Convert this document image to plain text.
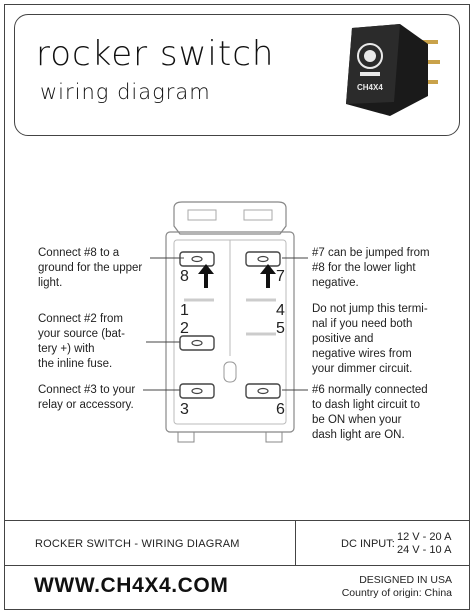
rocker switch
wiring diagram	CH4X4
8	7
1	4
2	5
3	6
Connect #8 to a
ground for the upper
light.
Connect #2 from
your source (bat-
tery +) with
the inline fuse.
Connect #3 to your
relay or accessory.
#7 can be jumped from
#8 for the lower light
negative.
Do not jump this termi-
nal if you need both
positive and
negative wires from
your dimmer circuit.
#6 normally connected
to dash light circuit to
be ON when your
dash light are ON.
ROCKER SWITCH - WIRING DIAGRAM	DC INPUT:
12 V - 20 A
24 V - 10 A
WWW.CH4X4.COM	DESIGNED IN USA
Country of origin: China
